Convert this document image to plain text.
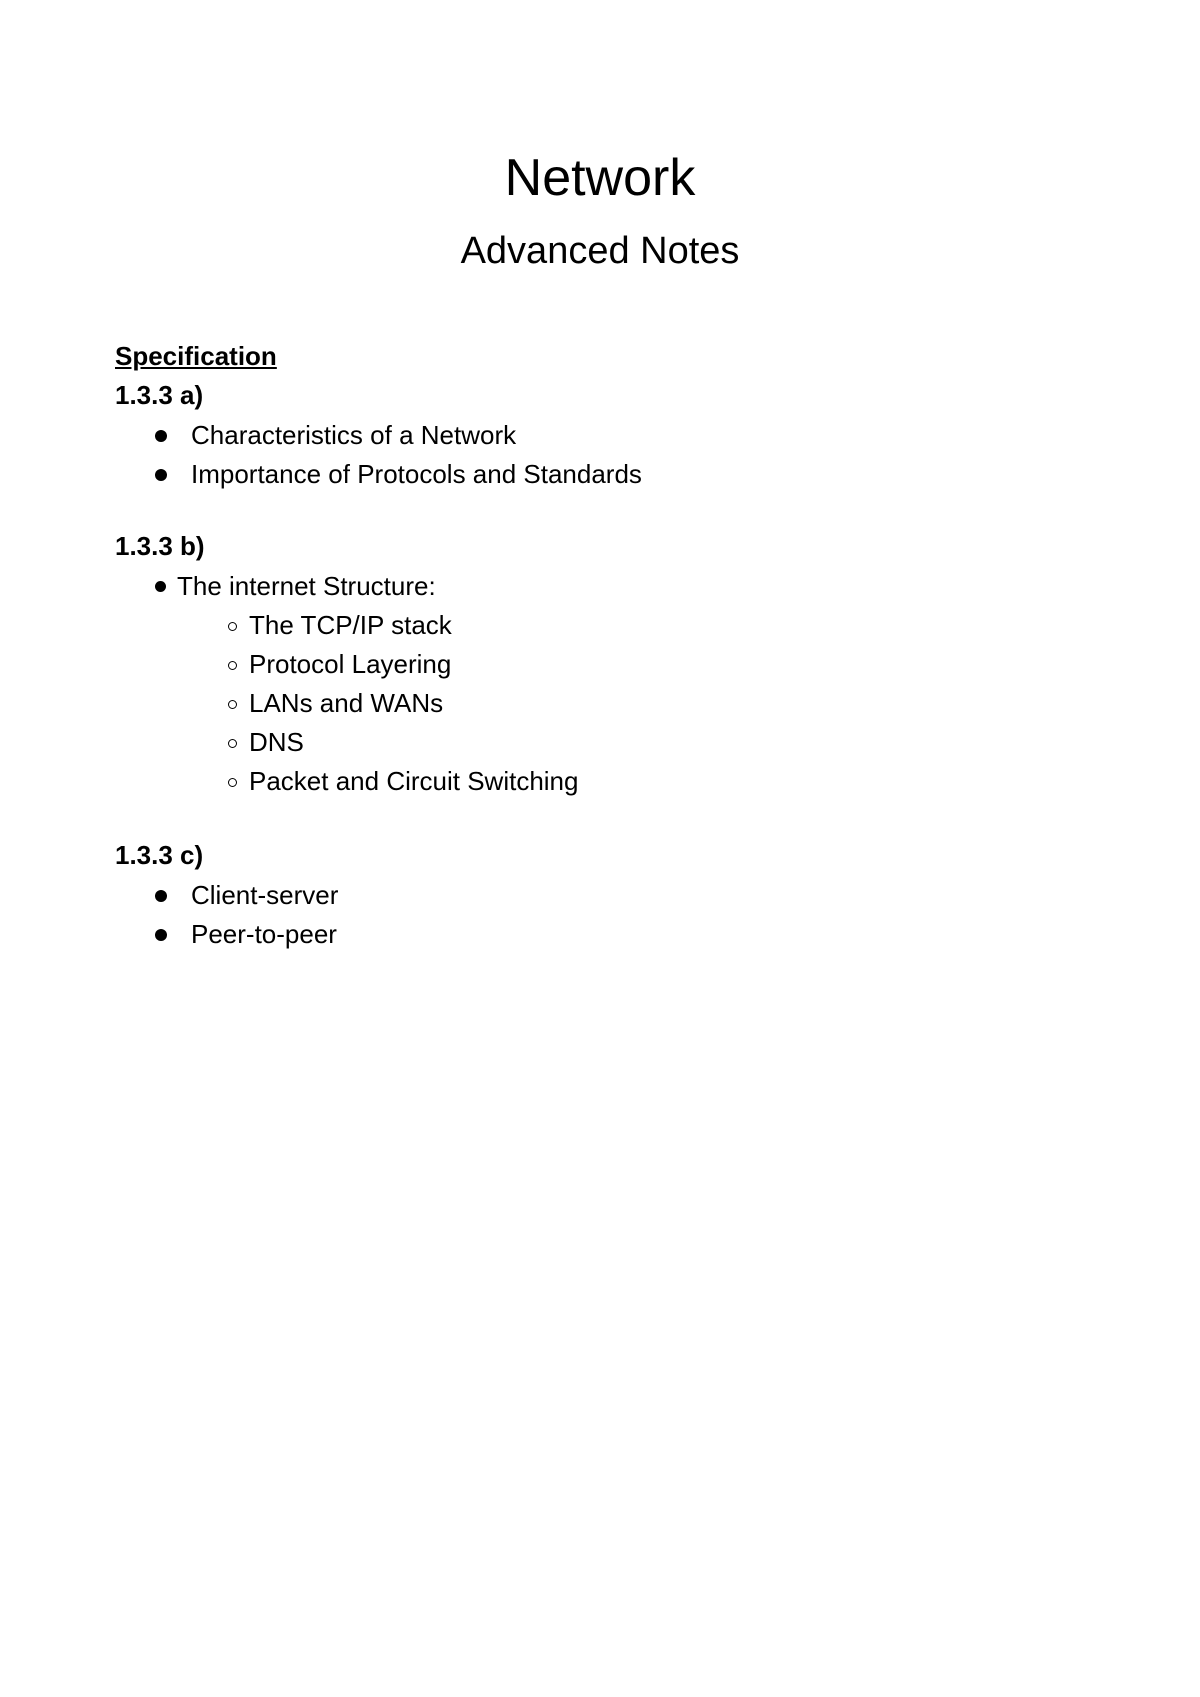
Network
Advanced Notes
Specification
1.3.3 a)
Characteristics of a Network
Importance of Protocols and Standards
1.3.3 b)
The internet Structure:
The TCP/IP stack
Protocol Layering
LANs and WANs
DNS
Packet and Circuit Switching
1.3.3 c)
Client-server
Peer-to-peer
